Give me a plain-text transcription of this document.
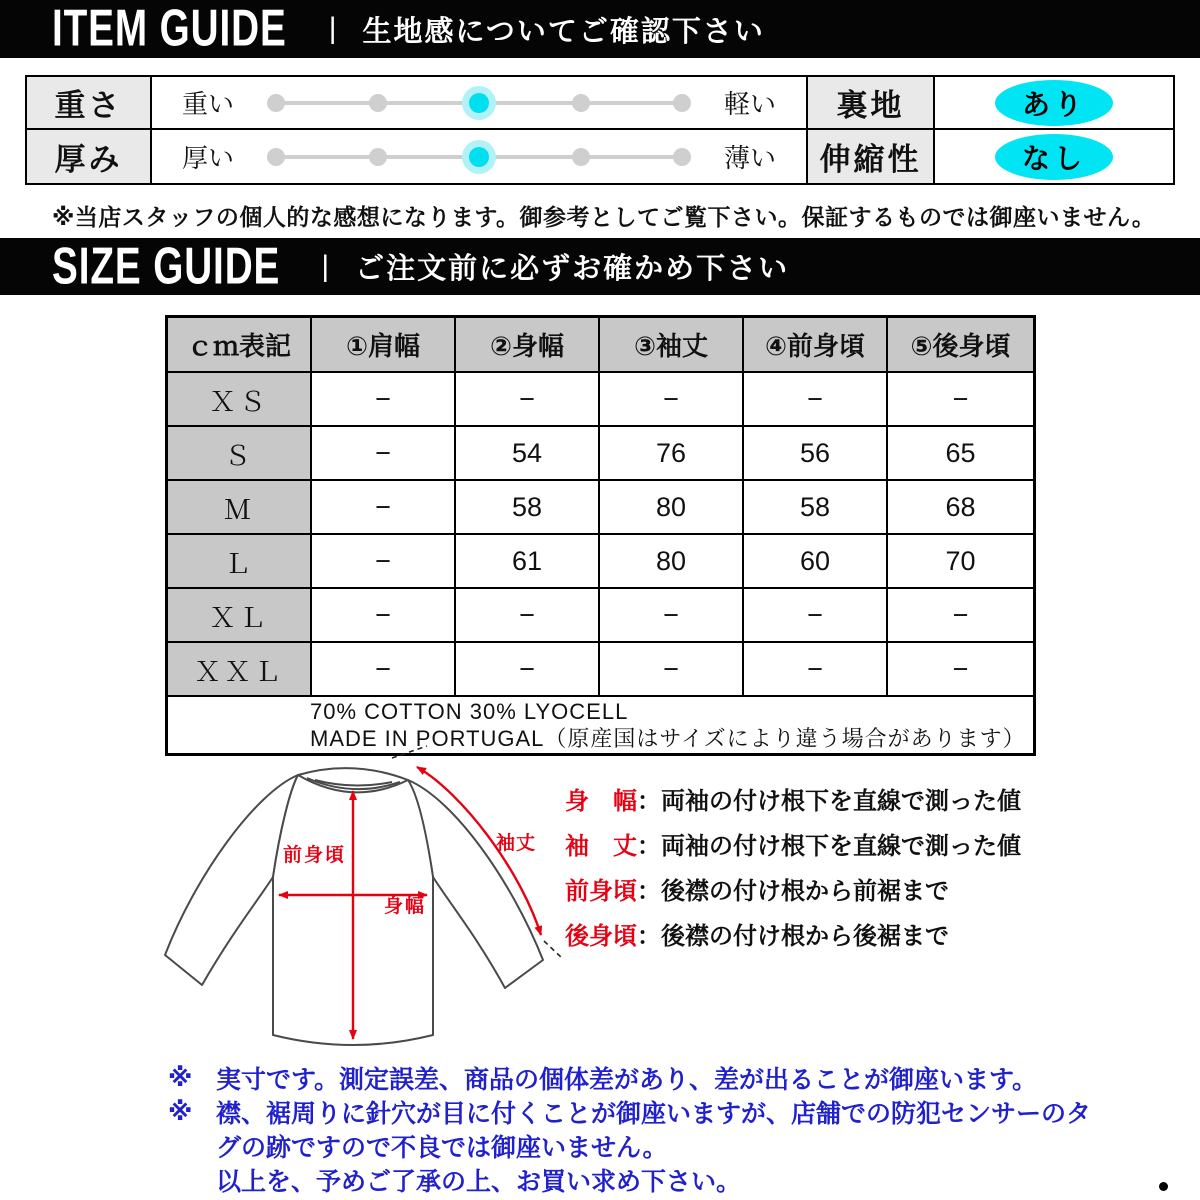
ITEM GUIDE | 生地感についてご確認下さい
重さ	重い	軽い	裏地	あり
厚み	厚い	薄い	伸縮性	なし
※当店スタッフの個人的な感想になります。御参考としてご覧下さい。保証するものでは御座いません。
SIZE GUIDE | ご注文前に必ずお確かめ下さい
ｃｍ表記	①肩幅	②身幅	③袖丈	④前身頃	⑤後身頃
ＸＳ	−	−	−	−	−
Ｓ	−	54	76	56	65
Ｍ	−	58	80	58	68
Ｌ	−	61	80	60	70
ＸＬ	−	−	−	−	−
ＸＸＬ	−	−	−	−	−
70% COTTON 30% LYOCELL
MADE IN PORTUGAL（原産国はサイズにより違う場合があります）
前身頃
身幅
袖丈
身　幅 ：両袖の付け根下を直線で測った値
袖　丈 ：両袖の付け根下を直線で測った値
前身頃 ：後襟の付け根から前裾まで
後身頃 ：後襟の付け根から後裾まで
※ 実寸です。測定誤差、商品の個体差があり、差が出ることが御座います。
※ 襟、裾周りに針穴が目に付くことが御座いますが、店舗での防犯センサーのタ
グの跡ですので不良では御座いません。
以上を、予めご了承の上、お買い求め下さい。
